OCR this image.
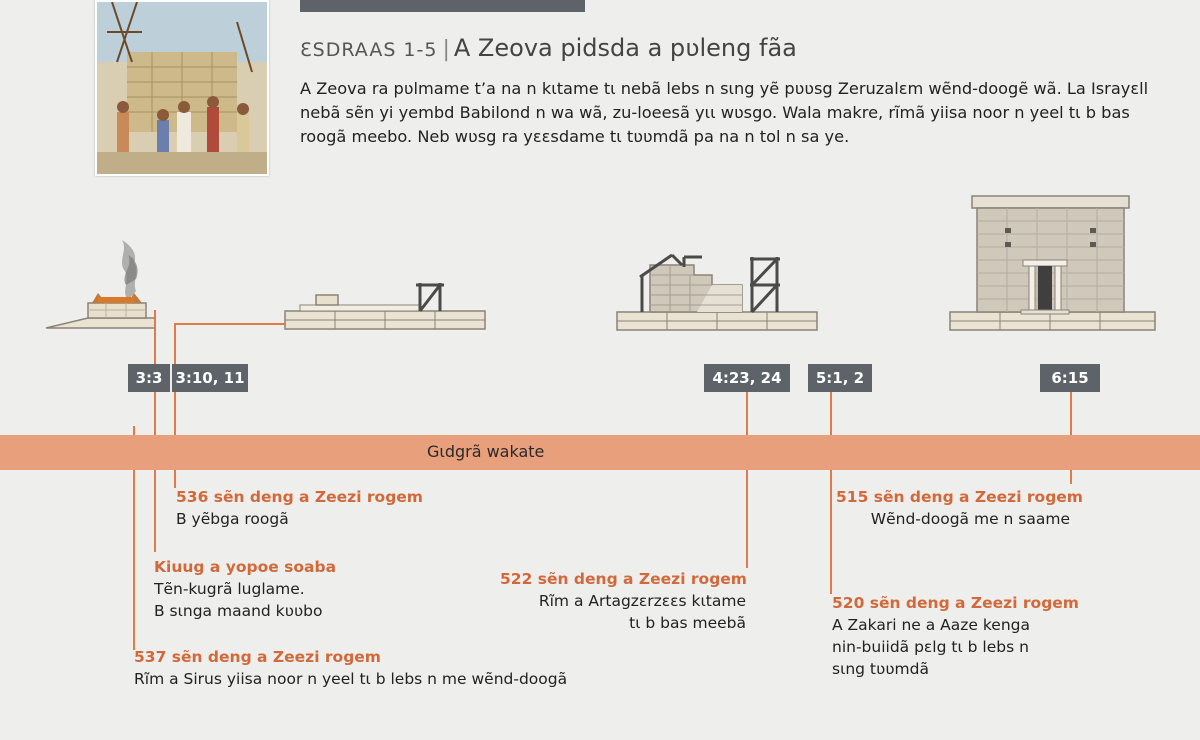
ƐSDRAAS 1-5 | A Zeova pidsda a pʋleng fãa
A Zeova ra pʋlmame t’a na n kɩtame tɩ nebã lebs n sɩng yẽ pʋʋsg Zeruzalɛm wẽnd-doogẽ wã. La Israyɛll nebã sẽn yi yembd Babilond n wa wã, zu-loeesã yɩɩ wʋsgo. Wala makre, rĩmã yiisa noor n yeel tɩ b bas roogã meebo. Neb wʋsg ra yɛɛsdame tɩ tʋʋmdã pa na n tol n sa ye.
3:3 3:10, 11	4:23, 24	5:1, 2	6:15
Gɩdgrã wakate
536 sẽn deng a Zeezi rogem
B yẽbga roogã
Kiuug a yopoe soaba
Tẽn-kugrã luglame.
B sɩnga maand kʋʋbo
537 sẽn deng a Zeezi rogem
Rĩm a Sirus yiisa noor n yeel tɩ b lebs n me wẽnd-doogã
522 sẽn deng a Zeezi rogem
Rĩm a Artagzɛrzɛɛs kɩtame
tɩ b bas meebã
520 sẽn deng a Zeezi rogem
A Zakari ne a Aaze kenga
nin-buiidã pɛlg tɩ b lebs n
sɩng tʋʋmdã
515 sẽn deng a Zeezi rogem
Wẽnd-doogã me n saame
